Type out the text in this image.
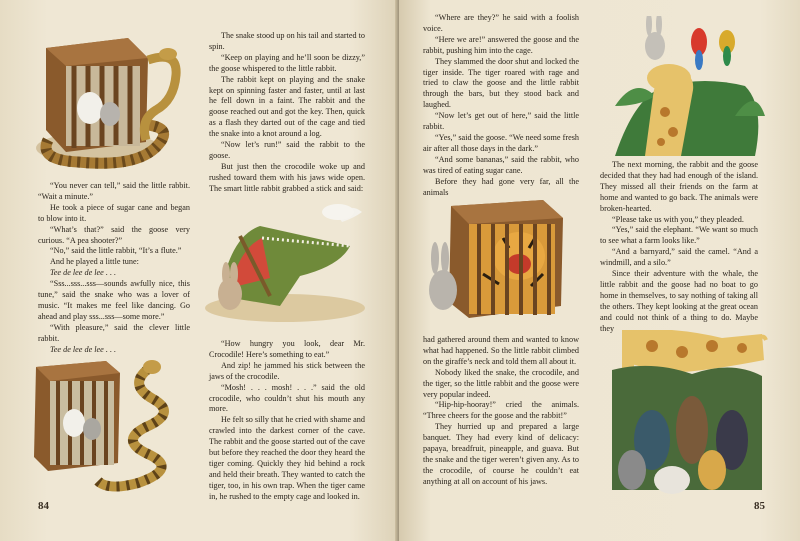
“You never can tell,” said the little rabbit. “Wait a minute.”

He took a piece of sugar cane and began to blow into it.

“What’s that?” said the goose very curious. “A pea shooter?”

“No,” said the little rabbit, “It’s a flute.”

And he played a little tune:

Tee de lee de lee . . .

“Sss...sss...sss—sounds awfully nice, this tune,” said the snake who was a lover of music. “It makes me feel like dancing. Go ahead and play sss...sss—some more.”

“With pleasure,” said the clever little rabbit.

Tee de lee de lee . . .

The snake stood up on his tail and started to spin.

“Keep on playing and he’ll soon be dizzy,” the goose whispered to the little rabbit.

The rabbit kept on playing and the snake kept on spinning faster and faster, until at last he fell down in a faint. The rabbit and the goose reached out and got the key. Then, quick as a flash they darted out of the cage and tied the snake into a knot around a log.

“Now let’s run!” said the rabbit to the goose.

But just then the crocodile woke up and rushed toward them with his jaws wide open. The smart little rabbit grabbed a stick and said:

“How hungry you look, dear Mr. Crocodile! Here’s something to eat.”

And zip! he jammed his stick between the jaws of the crocodile.

“Mosh! . . . mosh! . . .” said the old crocodile, who couldn’t shut his mouth any more.

He felt so silly that he cried with shame and crawled into the darkest corner of the cave. The rabbit and the goose started out of the cave but before they reached the door they heard the tiger coming. Quickly they hid behind a rock and held their breath. They wanted to catch the tiger, too, in his own trap. When the tiger came in, he rushed to the empty cage and looked in.

84

“Where are they?” he said with a foolish voice.

“Here we are!” answered the goose and the rabbit, pushing him into the cage.

They slammed the door shut and locked the tiger inside. The tiger roared with rage and tried to claw the goose and the little rabbit through the bars, but they stood back and laughed.

“Now let’s get out of here,” said the little rabbit.

“Yes,” said the goose. “We need some fresh air after all those days in the dark.”

“And some bananas,” said the rabbit, who was tired of eating sugar cane.

Before they had gone very far, all the animals

had gathered around them and wanted to know what had happened. So the little rabbit climbed on the giraffe’s neck and told them all about it.

Nobody liked the snake, the crocodile, and the tiger, so the little rabbit and the goose were very popular indeed.

“Hip-hip-hooray!” cried the animals. “Three cheers for the goose and the rabbit!”

They hurried up and prepared a large banquet. They had every kind of delicacy: papaya, breadfruit, pineapple, and guava. But the snake and the tiger weren’t given any. As to the crocodile, of course he couldn’t eat anything at all on account of his jaws.

The next morning, the rabbit and the goose decided that they had had enough of the island. They missed all their friends on the farm at home and wanted to go back. The animals were broken-hearted.

“Please take us with you,” they pleaded.

“Yes,” said the elephant. “We want so much to see what a farm looks like.”

“And a barnyard,” said the camel. “And a windmill, and a silo.”

Since their adventure with the whale, the little rabbit and the goose had no boat to go home in themselves, to say nothing of taking all the others. They kept looking at the great ocean and could not think of a thing to do. Maybe they

85
